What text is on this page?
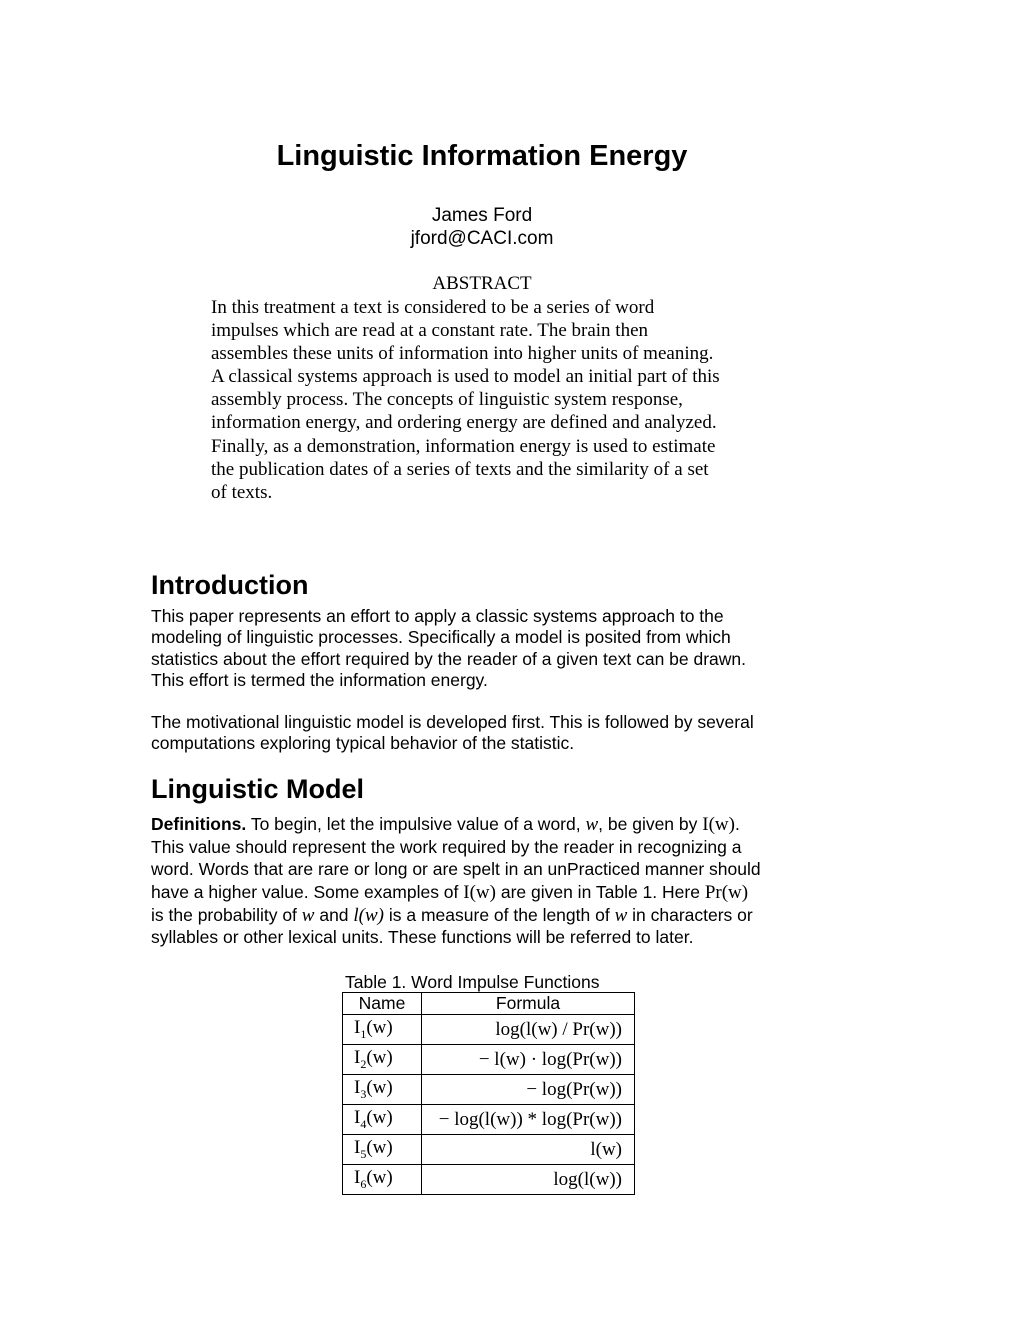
Linguistic Information Energy
James Ford
jford@CACI.com
ABSTRACT
In this treatment a text is considered to be a series of word
impulses which are read at a constant rate. The brain then
assembles these units of information into higher units of meaning.
A classical systems approach is used to model an initial part of this
assembly process. The concepts of linguistic system response,
information energy, and ordering energy are defined and analyzed.
Finally, as a demonstration, information energy is used to estimate
the publication dates of a series of texts and the similarity of a set
of texts.
Introduction
This paper represents an effort to apply a classic systems approach to the
modeling of linguistic processes. Specifically a model is posited from which
statistics about the effort required by the reader of a given text can be drawn.
This effort is termed the information energy.
The motivational linguistic model is developed first. This is followed by several
computations exploring typical behavior of the statistic.
Linguistic Model
Definitions. To begin, let the impulsive value of a word, w, be given by I(w).
This value should represent the work required by the reader in recognizing a
word. Words that are rare or long or are spelt in an unPracticed manner should
have a higher value. Some examples of I(w) are given in Table 1. Here Pr(w)
is the probability of w and l(w) is a measure of the length of w in characters or
syllables or other lexical units. These functions will be referred to later.
Table 1. Word Impulse Functions
Name	Formula
$I_1(w)$	log(l(w) / Pr(w))
$I_2(w)$	− l(w) · log(Pr(w))
$I_3(w)$	− log(Pr(w))
$I_4(w)$	− log(l(w)) * log(Pr(w))
$I_5(w)$	l(w)
$I_6(w)$	log(l(w))
